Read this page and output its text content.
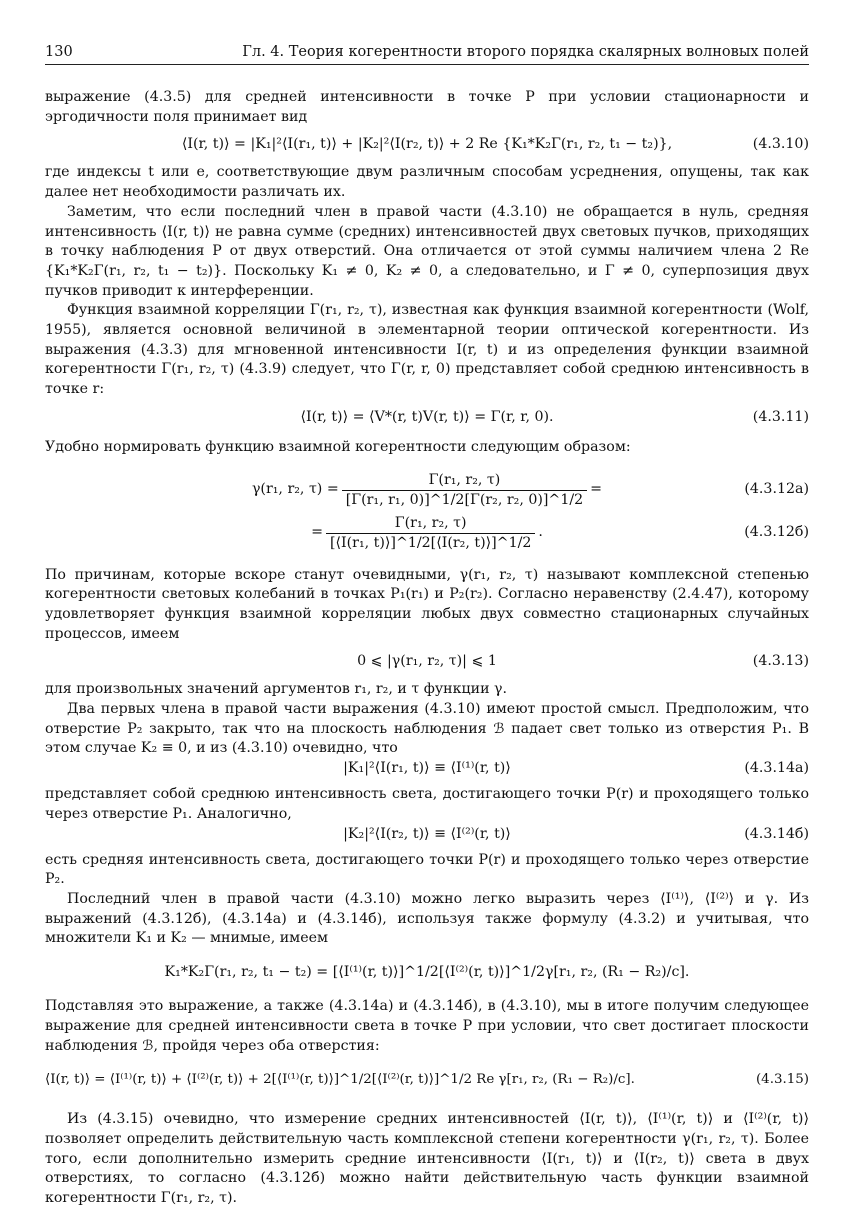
130	Гл. 4. Теория когерентности второго порядка скалярных волновых полей

выражение (4.3.5) для средней интенсивности в точке P при условии стационарности и эргодичности поля принимает вид

⟨I(r, t)⟩ = |K₁|²⟨I(r₁, t)⟩ + |K₂|²⟨I(r₂, t)⟩ + 2 Re {K₁*K₂Γ(r₁, r₂, t₁ − t₂)},	(4.3.10)

где индексы t или e, соответствующие двум различным способам усреднения, опущены, так как далее нет необходимости различать их.

Заметим, что если последний член в правой части (4.3.10) не обращается в нуль, средняя интенсивность ⟨I(r, t)⟩ не равна сумме (средних) интенсивностей двух световых пучков, приходящих в точку наблюдения P от двух отверстий. Она отличается от этой суммы наличием члена 2 Re {K₁*K₂Γ(r₁, r₂, t₁ − t₂)}. Поскольку K₁ ≠ 0, K₂ ≠ 0, а следовательно, и Γ ≠ 0, суперпозиция двух пучков приводит к интерференции.

Функция взаимной корреляции Γ(r₁, r₂, τ), известная как функция взаимной когерентности (Wolf, 1955), является основной величиной в элементарной теории оптической когерентности. Из выражения (4.3.3) для мгновенной интенсивности I(r, t) и из определения функции взаимной когерентности Γ(r₁, r₂, τ) (4.3.9) следует, что Γ(r, r, 0) представляет собой среднюю интенсивность в точке r:

⟨I(r, t)⟩ = ⟨V*(r, t)V(r, t)⟩ = Γ(r, r, 0).	(4.3.11)

Удобно нормировать функцию взаимной когерентности следующим образом:

γ(r₁, r₂, $\tau) = \frac{\text{Γ(r₁, r₂, τ)}}{\text{[Γ(r₁, r₁, 0)]\textasciicircum{}1/2[Γ(r₂, r₂, 0)]\textasciicircum{}1/2}}$ =	(4.3.12а)
= $\frac{\text{Γ(r₁, r₂, τ)}}{\text{[⟨I(r₁, t)⟩]\textasciicircum{}1/2[⟨I(r₂, t)⟩]\textasciicircum{}1/2}}$ .	(4.3.12б)

По причинам, которые вскоре станут очевидными, γ(r₁, r₂, τ) называют комплексной степенью когерентности световых колебаний в точках P₁(r₁) и P₂(r₂). Согласно неравенству (2.4.47), которому удовлетворяет функция взаимной корреляции любых двух совместно стационарных случайных процессов, имеем

0 ⩽ |γ(r₁, r₂, τ)| ⩽ 1	(4.3.13)

для произвольных значений аргументов r₁, r₂, и τ функции γ.

Два первых члена в правой части выражения (4.3.10) имеют простой смысл. Предположим, что отверстие P₂ закрыто, так что на плоскость наблюдения ℬ падает свет только из отверстия P₁. В этом случае K₂ ≡ 0, и из (4.3.10) очевидно, что

|K₁|²⟨I(r₁, t)⟩ ≡ ⟨I⁽¹⁾(r, t)⟩	(4.3.14а)

представляет собой среднюю интенсивность света, достигающего точки P(r) и проходящего только через отверстие P₁. Аналогично,

|K₂|²⟨I(r₂, t)⟩ ≡ ⟨I⁽²⁾(r, t)⟩	(4.3.14б)

есть средняя интенсивность света, достигающего точки P(r) и проходящего только через отверстие P₂.

Последний член в правой части (4.3.10) можно легко выразить через ⟨I⁽¹⁾⟩, ⟨I⁽²⁾⟩ и γ. Из выражений (4.3.12б), (4.3.14а) и (4.3.14б), используя также формулу (4.3.2) и учитывая, что множители K₁ и K₂ — мнимые, имеем

K₁*K₂Γ(r₁, r₂, t₁ − t₂) = [⟨I⁽¹⁾(r, t)⟩]^1/2[⟨I⁽²⁾(r, t)⟩]^1/2γ[r₁, r₂, (R₁ − R₂)/c].

Подставляя это выражение, а также (4.3.14а) и (4.3.14б), в (4.3.10), мы в итоге получим следующее выражение для средней интенсивности света в точке P при условии, что свет достигает плоскости наблюдения ℬ, пройдя через оба отверстия:

⟨I(r, t)⟩ = ⟨I⁽¹⁾(r, t)⟩ + ⟨I⁽²⁾(r, t)⟩ + 2[⟨I⁽¹⁾(r, t)⟩]^1/2[⟨I⁽²⁾(r, t)⟩]^1/2 Re γ[r₁, r₂, (R₁ − R₂)/c].	(4.3.15)

Из (4.3.15) очевидно, что измерение средних интенсивностей ⟨I(r, t)⟩, ⟨I⁽¹⁾(r, t)⟩ и ⟨I⁽²⁾(r, t)⟩ позволяет определить действительную часть комплексной степени когерентности γ(r₁, r₂, τ). Более того, если дополнительно измерить средние интенсивности ⟨I(r₁, t)⟩ и ⟨I(r₂, t)⟩ света в двух отверстиях, то согласно (4.3.12б) можно найти действительную часть функции взаимной когерентности Γ(r₁, r₂, τ).
